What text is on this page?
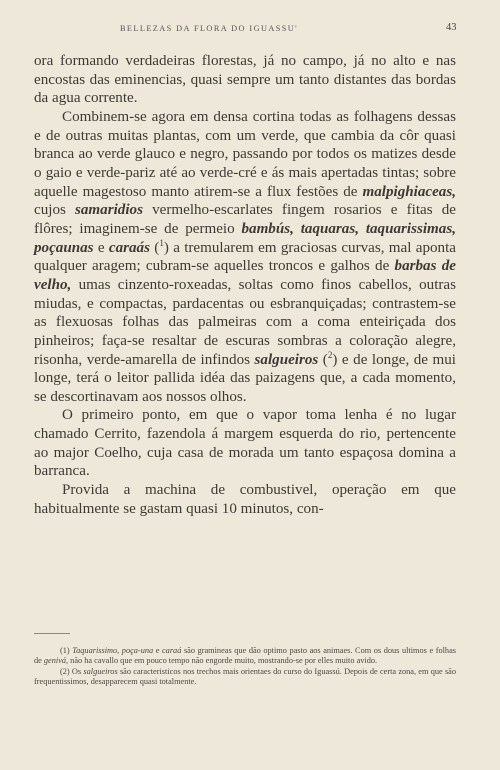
BELLEZAS DA FLORA DO IGUASSU'	43

ora formando verdadeiras florestas, já no campo, já no alto e nas encostas das eminencias, quasi sempre um tanto distantes das bordas da agua corrente.

Combinem-se agora em densa cortina todas as folhagens dessas e de outras muitas plantas, com um verde, que cambia da côr quasi branca ao verde glauco e negro, passando por todos os matizes desde o gaio e verde-pariz até ao verde-cré e ás mais apertadas tintas; sobre aquelle magestoso manto atirem-se a flux festões de malpighiaceas, cujos samaridios vermelho-escarlates fingem rosarios e fitas de flôres; imaginem-se de permeio bambús, taquaras, taquarissimas, poçaunas e caraás ($^1$) a tremularem em graciosas curvas, mal aponta qualquer aragem; cubram-se aquelles troncos e galhos de barbas de velho, umas cinzento-roxeadas, soltas como finos cabellos, outras miudas, e compactas, pardacentas ou esbranquiçadas; contrastem-se as flexuosas folhas das palmeiras com a coma enteiriçada dos pinheiros; faça-se resaltar de escuras sombras a coloração alegre, risonha, verde-amarella de infindos salgueiros ($^2$) e de longe, de mui longe, terá o leitor pallida idéa das paizagens que, a cada momento, se descortinavam aos nossos olhos.

O primeiro ponto, em que o vapor toma lenha é no lugar chamado Cerrito, fazendola á margem esquerda do rio, pertencente ao major Coelho, cuja casa de morada um tanto espaçosa domina a barranca.

Provida a machina de combustivel, operação em que habitualmente se gastam quasi 10 minutos, con-

(1) Taquarissimo, poça-una e caraá são gramineas que dão optimo pasto aos animaes. Com os dous ultimos e folhas de genivá, não ha cavallo que em pouco tempo não engorde muito, mostrando-se por elles muito avido.

(2) Os salgueiros são caracteristicos nos trechos mais orientaes do curso do Iguassú. Depois de certa zona, em que são frequentissimos, desapparecem quasi totalmente.
